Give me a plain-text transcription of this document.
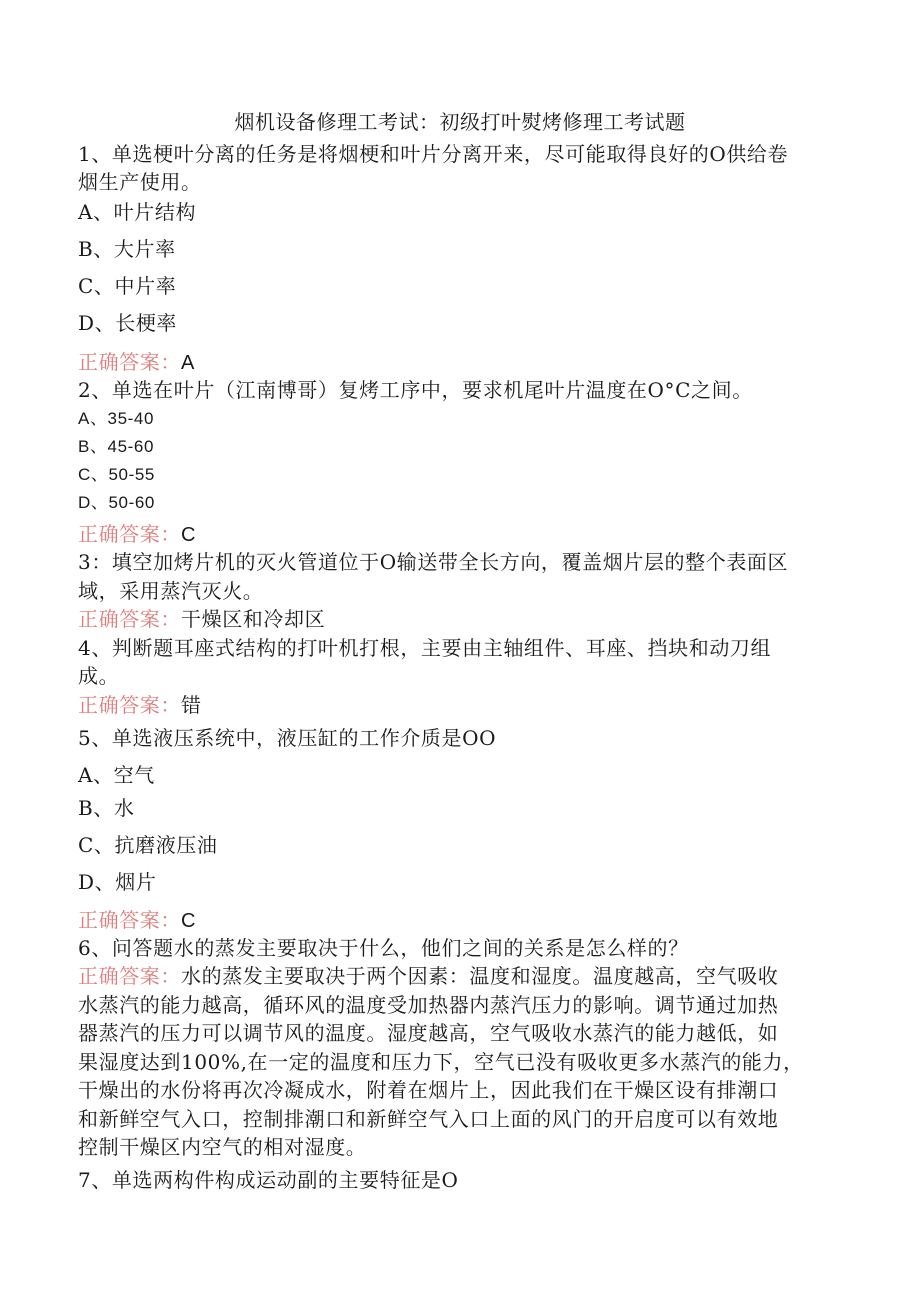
烟机设备修理工考试：初级打叶熨烤修理工考试题
1、单选梗叶分离的任务是将烟梗和叶片分离开来，尽可能取得良好的O供给卷
烟生产使用。
A、叶片结构
B、大片率
C、中片率
D、长梗率
正确答案：A
2、单选在叶片（江南博哥）复烤工序中，要求机尾叶片温度在O°C之间。
A、35-40
B、45-60
C、50-55
D、50-60
正确答案：C
3：填空加烤片机的灭火管道位于O输送带全长方向，覆盖烟片层的整个表面区
域，采用蒸汽灭火。
正确答案：干燥区和冷却区
4、判断题耳座式结构的打叶机打根，主要由主轴组件、耳座、挡块和动刀组
成。
正确答案：错
5、单选液压系统中，液压缸的工作介质是OO
A、空气
B、水
C、抗磨液压油
D、烟片
正确答案：C
6、问答题水的蒸发主要取决于什么，他们之间的关系是怎么样的？
正确答案：水的蒸发主要取决于两个因素：温度和湿度。温度越高，空气吸收
水蒸汽的能力越高，循环风的温度受加热器内蒸汽压力的影响。调节通过加热
器蒸汽的压力可以调节风的温度。湿度越高，空气吸收水蒸汽的能力越低，如
果湿度达到100%,在一定的温度和压力下，空气已没有吸收更多水蒸汽的能力，
干燥出的水份将再次冷凝成水，附着在烟片上，因此我们在干燥区设有排潮口
和新鲜空气入口，控制排潮口和新鲜空气入口上面的风门的开启度可以有效地
控制干燥区内空气的相对湿度。
7、单选两构件构成运动副的主要特征是O
